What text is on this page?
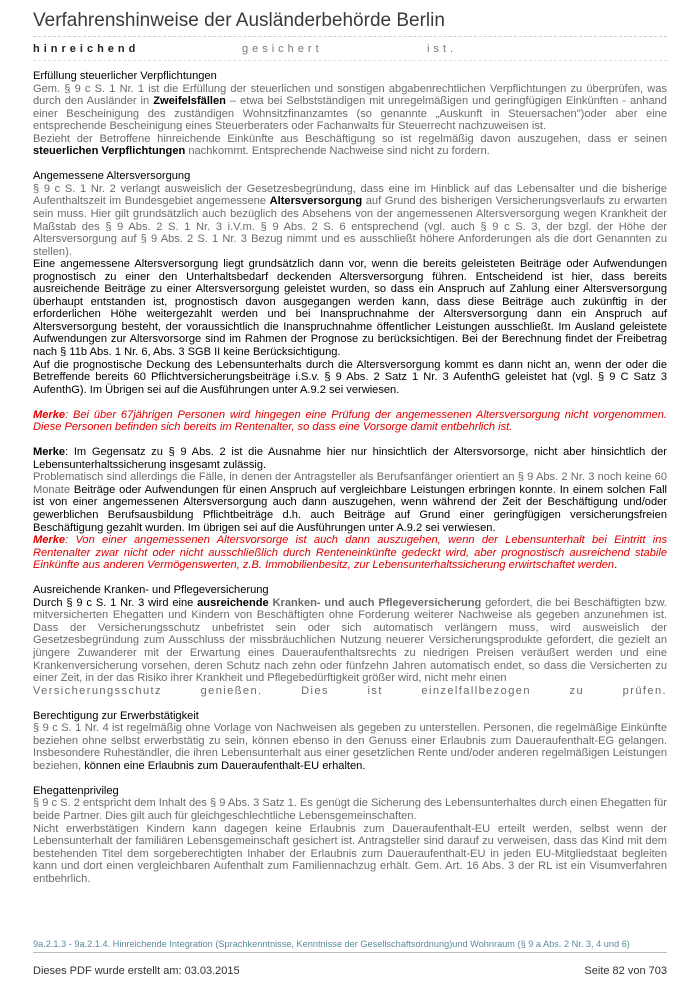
Verfahrenshinweise der Ausländerbehörde Berlin
hinreichend	gesichert	ist.
Erfüllung steuerlicher Verpflichtungen

Gem. § 9 c S. 1 Nr. 1 ist die Erfüllung der steuerlichen und sonstigen abgabenrechtlichen Verpflichtungen zu überprüfen, was durch den Ausländer in Zweifelsfällen – etwa bei Selbstständigen mit unregelmäßigen und geringfügigen Einkünften - anhand einer Bescheinigung des zuständigen Wohnsitzfinanzamtes (so genannte „Auskunft in Steuersachen")oder aber eine entsprechende Bescheinigung eines Steuerberaters oder Fachanwalts für Steuerrecht nachzuweisen ist.

Bezieht der Betroffene hinreichende Einkünfte aus Beschäftigung so ist regelmäßig davon auszugehen, dass er seinen steuerlichen Verpflichtungen nachkommt. Entsprechende Nachweise sind nicht zu fordern.

Angemessene Altersversorgung

§ 9 c S. 1 Nr. 2 verlangt ausweislich der Gesetzesbegründung, dass eine im Hinblick auf das Lebensalter und die bisherige Aufenthaltszeit im Bundesgebiet angemessene Altersversorgung auf Grund des bisherigen Versicherungsverlaufs zu erwarten sein muss. Hier gilt grundsätzlich auch bezüglich des Absehens von der angemessenen Altersversorgung wegen Krankheit der Maßstab des § 9 Abs. 2 S. 1 Nr. 3 i.V.m. § 9 Abs. 2 S. 6 entsprechend (vgl. auch § 9 c S. 3, der bzgl. der Höhe der Altersversorgung auf § 9 Abs. 2 S. 1 Nr. 3 Bezug nimmt und es ausschließt höhere Anforderungen als die dort Genannten zu stellen).

Eine angemessene Altersversorgung liegt grundsätzlich dann vor, wenn die bereits geleisteten Beiträge oder Aufwendungen prognostisch zu einer den Unterhaltsbedarf deckenden Altersversorgung führen. Entscheidend ist hier, dass bereits ausreichende Beiträge zu einer Altersversorgung geleistet wurden, so dass ein Anspruch auf Zahlung einer Altersversorgung überhaupt entstanden ist, prognostisch davon ausgegangen werden kann, dass diese Beiträge auch zukünftig in der erforderlichen Höhe weitergezahlt werden und bei Inanspruchnahme der Altersversorgung dann ein Anspruch auf Altersversorgung besteht, der voraussichtlich die Inanspruchnahme öffentlicher Leistungen ausschließt. Im Ausland geleistete Aufwendungen zur Altersvorsorge sind im Rahmen der Prognose zu berücksichtigen. Bei der Berechnung findet der Freibetrag nach § 11b Abs. 1 Nr. 6, Abs. 3 SGB II keine Berücksichtigung.

Auf die prognostische Deckung des Lebensunterhalts durch die Altersversorgung kommt es dann nicht an, wenn der oder die Betreffende bereits 60 Pflichtversicherungsbeiträge i.S.v. § 9 Abs. 2 Satz 1 Nr. 3 AufenthG geleistet hat (vgl. § 9 C Satz 3 AufenthG). Im Übrigen sei auf die Ausführungen unter A.9.2 sei verwiesen.

Merke: Bei über 67jährigen Personen wird hingegen eine Prüfung der angemessenen Altersversorgung nicht vorgenommen. Diese Personen befinden sich bereits im Rentenalter, so dass eine Vorsorge damit entbehrlich ist.

Merke: Im Gegensatz zu § 9 Abs. 2 ist die Ausnahme hier nur hinsichtlich der Altersvorsorge, nicht aber hinsichtlich der Lebensunterhaltssicherung insgesamt zulässig.

Problematisch sind allerdings die Fälle, in denen der Antragsteller als Berufsanfänger orientiert an § 9 Abs. 2 Nr. 3 noch keine 60 Monate Beiträge oder Aufwendungen für einen Anspruch auf vergleichbare Leistungen erbringen konnte. In einem solchen Fall ist von einer angemessenen Altersversorgung auch dann auszugehen, wenn während der Zeit der Beschäftigung und/oder gewerblichen Berufsausbildung Pflichtbeiträge d.h. auch Beiträge auf Grund einer geringfügigen versicherungsfreien Beschäftigung gezahlt wurden. Im übrigen sei auf die Ausführungen unter A.9.2 sei verwiesen.

Merke: Von einer angemessenen Altersvorsorge ist auch dann auszugehen, wenn der Lebensunterhalt bei Eintritt ins Rentenalter zwar nicht oder nicht ausschließlich durch Renteneinkünfte gedeckt wird, aber prognostisch ausreichend stabile Einkünfte aus anderen Vermögenswerten, z.B. Immobilienbesitz, zur Lebensunterhaltssicherung erwirtschaftet werden.

Ausreichende Kranken- und Pflegeversicherung

Durch § 9 c S. 1 Nr. 3 wird eine ausreichende Kranken- und auch Pflegeversicherung gefordert, die bei Beschäftigten bzw. mitversicherten Ehegatten und Kindern von Beschäftigten ohne Forderung weiterer Nachweise als gegeben anzunehmen ist. Dass der Versicherungsschutz unbefristet sein oder sich automatisch verlängern muss, wird ausweislich der Gesetzesbegründung zum Ausschluss der missbräuchlichen Nutzung neuerer Versicherungsprodukte gefordert, die gezielt an jüngere Zuwanderer mit der Erwartung eines Daueraufenthaltsrechts zu niedrigen Preisen veräußert werden und eine Krankenversicherung vorsehen, deren Schutz nach zehn oder fünfzehn Jahren automatisch endet, so dass die Versicherten zu einer Zeit, in der das Risiko ihrer Krankheit und Pflegebedürftigkeit größer wird, nicht mehr einen

Versicherungsschutz genießen. Dies ist einzelfallbezogen zu prüfen.

Berechtigung zur Erwerbstätigkeit

§ 9 c S. 1 Nr. 4 ist regelmäßig ohne Vorlage von Nachweisen als gegeben zu unterstellen. Personen, die regelmäßige Einkünfte beziehen ohne selbst erwerbstätig zu sein, können ebenso in den Genuss einer Erlaubnis zum Daueraufenthalt-EG gelangen. Insbesondere Ruheständler, die ihren Lebensunterhalt aus einer gesetzlichen Rente und/oder anderen regelmäßigen Leistungen beziehen, können eine Erlaubnis zum Daueraufenthalt-EU erhalten.

Ehegattenprivileg

§ 9 c S. 2 entspricht dem Inhalt des § 9 Abs. 3 Satz 1. Es genügt die Sicherung des Lebensunterhaltes durch einen Ehegatten für beide Partner. Dies gilt auch für gleichgeschlechtliche Lebensgemeinschaften.

Nicht erwerbstätigen Kindern kann dagegen keine Erlaubnis zum Daueraufenthalt-EU erteilt werden, selbst wenn der Lebensunterhalt der familiären Lebensgemeinschaft gesichert ist. Antragsteller sind darauf zu verweisen, dass das Kind mit dem bestehenden Titel dem sorgeberechtigten Inhaber der Erlaubnis zum Daueraufenthalt-EU in jeden EU-Mitgliedstaat begleiten kann und dort einen vergleichbaren Aufenthalt zum Familiennachzug erhält. Gem. Art. 16 Abs. 3 der RL ist ein Visumverfahren entbehrlich.

9a.2.1.3 - 9a.2.1.4. Hinreichende Integration (Sprachkenntnisse, Kenntnisse der Gesellschaftsordnung)und Wohnraum (§ 9 a Abs. 2 Nr. 3, 4 und 6)
Dieses PDF wurde erstellt am: 03.03.2015	Seite 82 von 703
